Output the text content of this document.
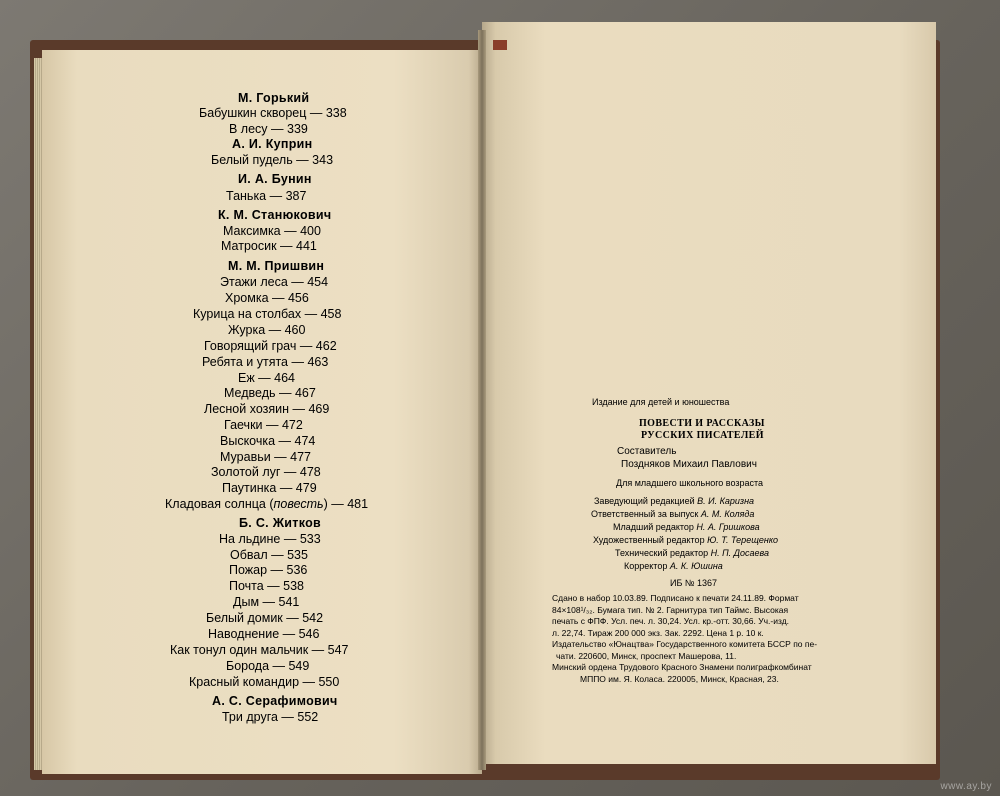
М. Горький
Бабушкин скворец — 338
В лесу — 339
А. И. Куприн
Белый пудель — 343
И. А. Бунин
Танька — 387
К. М. Станюкович
Максимка — 400
Матросик — 441
М. М. Пришвин
Этажи леса — 454
Хромка — 456
Курица на столбах — 458
Журка — 460
Говорящий грач — 462
Ребята и утята — 463
Еж — 464
Медведь — 467
Лесной хозяин — 469
Гаечки — 472
Выскочка — 474
Муравьи — 477
Золотой луг — 478
Паутинка — 479
Кладовая солнца (повесть) — 481
Б. С. Житков
На льдине — 533
Обвал — 535
Пожар — 536
Почта — 538
Дым — 541
Белый домик — 542
Наводнение — 546
Как тонул один мальчик — 547
Борода — 549
Красный командир — 550
А. С. Серафимович
Три друга — 552
Издание для детей и юношества
ПОВЕСТИ И РАССКАЗЫ
РУССКИХ ПИСАТЕЛЕЙ
Составитель
Поздняков Михаил Павлович
Для младшего школьного возраста
Заведующий редакцией В. И. Каризна
Ответственный за выпуск А. М. Коляда
Младший редактор Н. А. Гришкова
Художественный редактор Ю. Т. Терещенко
Технический редактор Н. П. Досаева
Корректор А. К. Юшина
ИБ № 1367
Сдано в набор 10.03.89. Подписано к печати 24.11.89. Формат
84×108¹/₃₂. Бумага тип. № 2. Гарнитура тип Таймс. Высокая
печать с ФПФ. Усл. печ. л. 30,24. Усл. кр.-отт. 30,66. Уч.-изд.
л. 22,74. Тираж 200 000 экз. Зак. 2292. Цена 1 р. 10 к.
Издательство «Юнацтва» Государственного комитета БССР по пе-
чати. 220600, Минск, проспект Машерова, 11.
Минский ордена Трудового Красного Знамени полиграфкомбинат
МППО им. Я. Коласа. 220005, Минск, Красная, 23.
www.ay.by
